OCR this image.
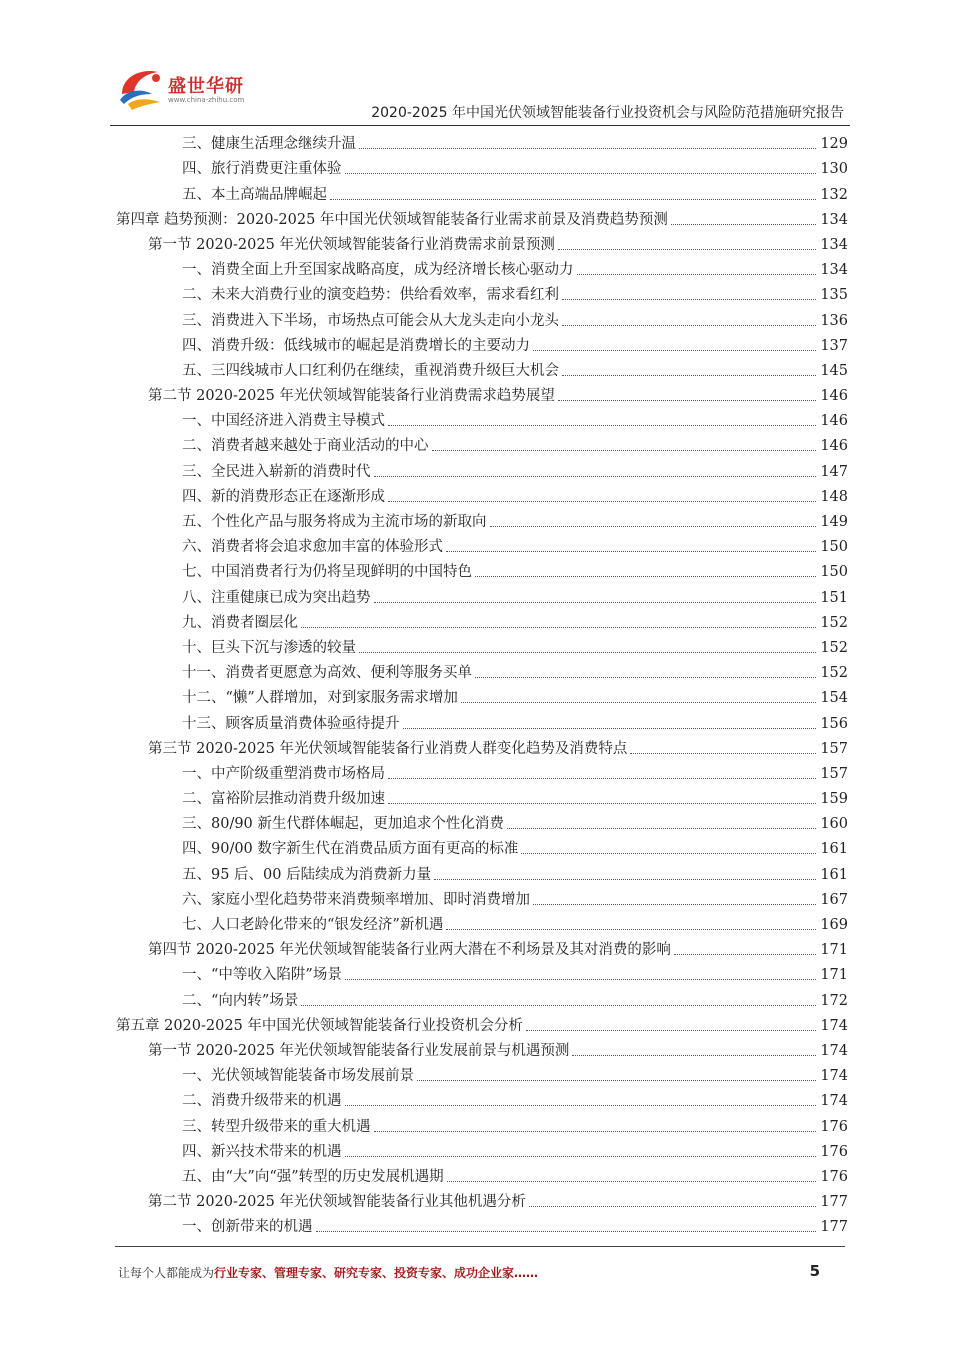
盛世华研
www.china-zhihu.com
2020-2025 年中国光伏领域智能装备行业投资机会与风险防范措施研究报告
三、健康生活理念继续升温	129
四、旅行消费更注重体验	130
五、本土高端品牌崛起	132
第四章 趋势预测：2020-2025 年中国光伏领域智能装备行业需求前景及消费趋势预测	134
第一节 2020-2025 年光伏领域智能装备行业消费需求前景预测	134
一、消费全面上升至国家战略高度，成为经济增长核心驱动力	134
二、未来大消费行业的演变趋势：供给看效率，需求看红利	135
三、消费进入下半场，市场热点可能会从大龙头走向小龙头	136
四、消费升级：低线城市的崛起是消费增长的主要动力	137
五、三四线城市人口红利仍在继续，重视消费升级巨大机会	145
第二节 2020-2025 年光伏领域智能装备行业消费需求趋势展望	146
一、中国经济进入消费主导模式	146
二、消费者越来越处于商业活动的中心	146
三、全民进入崭新的消费时代	147
四、新的消费形态正在逐渐形成	148
五、个性化产品与服务将成为主流市场的新取向	149
六、消费者将会追求愈加丰富的体验形式	150
七、中国消费者行为仍将呈现鲜明的中国特色	150
八、注重健康已成为突出趋势	151
九、消费者圈层化	152
十、巨头下沉与渗透的较量	152
十一、消费者更愿意为高效、便利等服务买单	152
十二、“懒”人群增加，对到家服务需求增加	154
十三、顾客质量消费体验亟待提升	156
第三节 2020-2025 年光伏领域智能装备行业消费人群变化趋势及消费特点	157
一、中产阶级重塑消费市场格局	157
二、富裕阶层推动消费升级加速	159
三、80/90 新生代群体崛起，更加追求个性化消费	160
四、90/00 数字新生代在消费品质方面有更高的标准	161
五、95 后、00 后陆续成为消费新力量	161
六、家庭小型化趋势带来消费频率增加、即时消费增加	167
七、人口老龄化带来的“银发经济”新机遇	169
第四节 2020-2025 年光伏领域智能装备行业两大潜在不利场景及其对消费的影响	171
一、“中等收入陷阱”场景	171
二、“向内转”场景	172
第五章 2020-2025 年中国光伏领域智能装备行业投资机会分析	174
第一节 2020-2025 年光伏领域智能装备行业发展前景与机遇预测	174
一、光伏领域智能装备市场发展前景	174
二、消费升级带来的机遇	174
三、转型升级带来的重大机遇	176
四、新兴技术带来的机遇	176
五、由“大”向“强”转型的历史发展机遇期	176
第二节 2020-2025 年光伏领域智能装备行业其他机遇分析	177
一、创新带来的机遇	177
让每个人都能成为行业专家、管理专家、研究专家、投资专家、成功企业家……	5
